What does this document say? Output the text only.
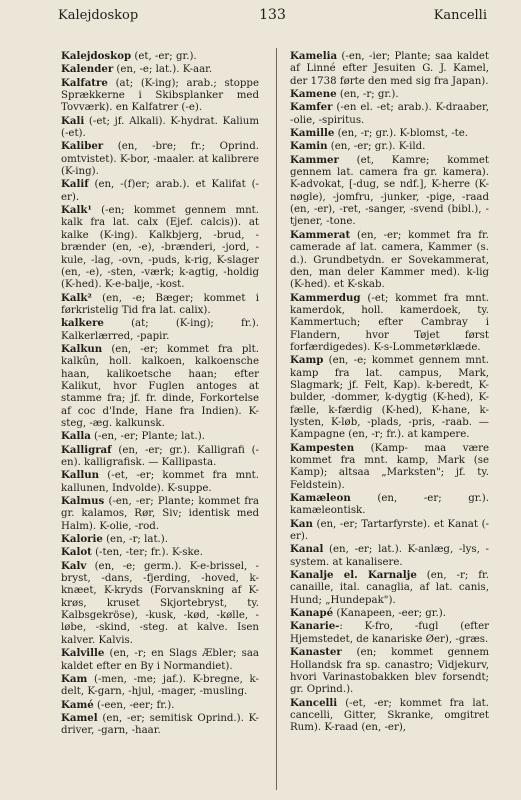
Kalejdoskop	133	Kancelli

Kalejdoskop (et, -er; gr.).

Kalender (en, -e; lat.). K-aar.

Kalfatre (at; (K-ing); arab.; stoppe Sprækkerne i Skibsplanker med Tovværk). en Kalfatrer (-e).

Kali (-et; jf. Alkali). K-hydrat. Kalium (-et).

Kaliber (en, -bre; fr.; Oprind. omtvistet). K-bor, -maaler. at kalibrere (K-ing).

Kalif (en, -(f)er; arab.). et Kalifat (-er).

Kalk¹ (-en; kommet gennem mnt. kalk fra lat. calx (Ejef. calcis)). at kalke (K-ing). Kalkbjerg, -brud, -brænder (en, -e), -brænderi, -jord, -kule, -lag, -ovn, -puds, k-rig, K-slager (en, -e), -sten, -værk; k-agtig, -holdig (K-hed). K-e-balje, -kost.

Kalk² (en, -e; Bæger; kommet i førkristelig Tid fra lat. calix).

kalkere (at; (K-ing); fr.). Kalkerlærred, -papir.

Kalkun (en, -er; kommet fra plt. kalkûn, holl. kalkoen, kalkoensche haan, kalikoetsche haan; efter Kalikut, hvor Fuglen antoges at stamme fra; jf. fr. dinde, Forkortelse af coc d'Inde, Hane fra Indien). K-steg, -æg. kalkunsk.

Kalla (-en, -er; Plante; lat.).

Kalligraf (en, -er; gr.). Kalligrafi (-en). kalligrafisk. — Kallipasta.

Kallun (-et, -er; kommet fra mnt. kallunen, Indvolde). K-suppe.

Kalmus (-en, -er; Plante; kommet fra gr. kalamos, Rør, Siv; identisk med Halm). K-olie, -rod.

Kalorie (en, -r; lat.).

Kalot (-ten, -ter; fr.). K-ske.

Kalv (en, -e; germ.). K-e-brissel, -bryst, -dans, -fjerding, -hoved, k-knæet, K-kryds (Forvanskning af K-krøs, kruset Skjortebryst, ty. Kalbsgekröse), -kusk, -kød, -kølle, -løbe, -skind, -steg. at kalve. Isen kalver. Kalvis.

Kalville (en, -r; en Slags Æbler; saa kaldet efter en By i Normandiet).

Kam (-men, -me; jaf.). K-bregne, k-delt, K-garn, -hjul, -mager, -musling.

Kamé (-een, -eer; fr.).

Kamel (en, -er; semitisk Oprind.). K-driver, -garn, -haar.

Kamelia (-en, -ier; Plante; saa kaldet af Linné efter Jesuiten G. J. Kamel, der 1738 førte den med sig fra Japan).

Kamene (en, -r; gr.).

Kamfer (-en el. -et; arab.). K-draaber, -olie, -spiritus.

Kamille (en, -r; gr.). K-blomst, -te.

Kamin (en, -er; gr.). K-ild.

Kammer (et, Kamre; kommet gennem lat. camera fra gr. kamera). K-advokat, [-dug, se ndf.], K-herre (K-nøgle), -jomfru, -junker, -pige, -raad (en, -er), -ret, -sanger, -svend (bibl.), -tjener, -tone.

Kammerat (en, -er; kommet fra fr. camerade af lat. camera, Kammer (s. d.). Grundbetydn. er Sovekammerat, den, man deler Kammer med). k-lig (K-hed). et K-skab.

Kammerdug (-et; kommet fra mnt. kamerdok, holl. kamerdoek, ty. Kammertuch; efter Cambray i Flandern, hvor Tøjet først forfærdigedes). K-s-Lommetørklæde.

Kamp (en, -e; kommet gennem mnt. kamp fra lat. campus, Mark, Slagmark; jf. Felt, Kap). k-beredt, K-bulder, -dommer, k-dygtig (K-hed), K-fælle, k-færdig (K-hed), K-hane, k-lysten, K-løb, -plads, -pris, -raab. — Kampagne (en, -r; fr.). at kampere.

Kampesten (Kamp- maa være kommet fra mnt. kamp, Mark (se Kamp); altsaa „Marksten"; jf. ty. Feldstein).

Kamæleon (en, -er; gr.). kamæleontisk.

Kan (en, -er; Tartarfyrste). et Kanat (-er).

Kanal (en, -er; lat.). K-anlæg, -lys, -system. at kanalisere.

Kanalje el. Karnalje (en, -r; fr. canaille, ital. canaglia, af lat. canis, Hund; „Hundepak").

Kanapé (Kanapeen, -eer; gr.).

Kanarie-: K-fro, -fugl (efter Hjemstedet, de kanariske Øer), -græs.

Kanaster (en; kommet gennem Hollandsk fra sp. canastro; Vidjekurv, hvori Varinastobakken blev forsendt; gr. Oprind.).

Kancelli (-et, -er; kommet fra lat. cancelli, Gitter, Skranke, omgitret Rum). K-raad (en, -er),
